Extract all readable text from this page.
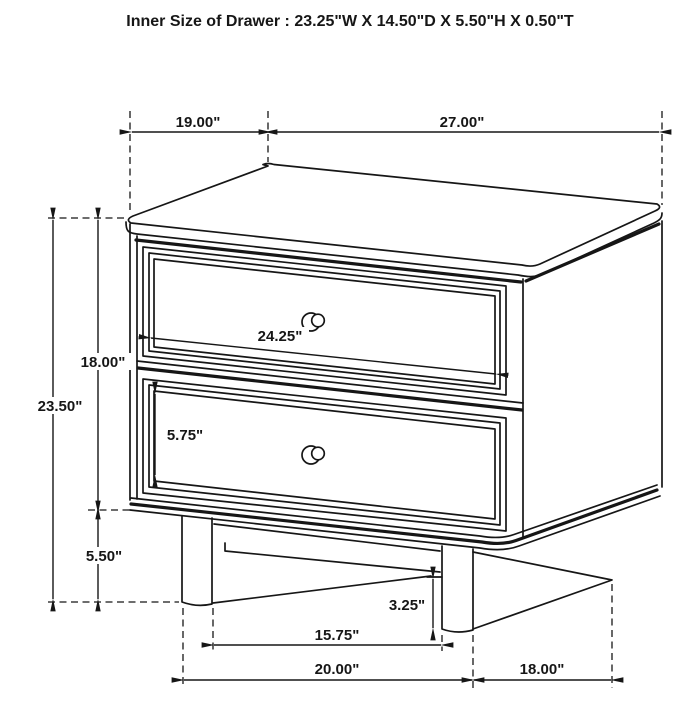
Inner Size of Drawer : 23.25"W X 14.50"D X 5.50"H X 0.50"T
19.00"	27.00"
23.50"
18.00"
5.50"
24.25"
5.75"
3.25"
15.75"
20.00"	18.00"
